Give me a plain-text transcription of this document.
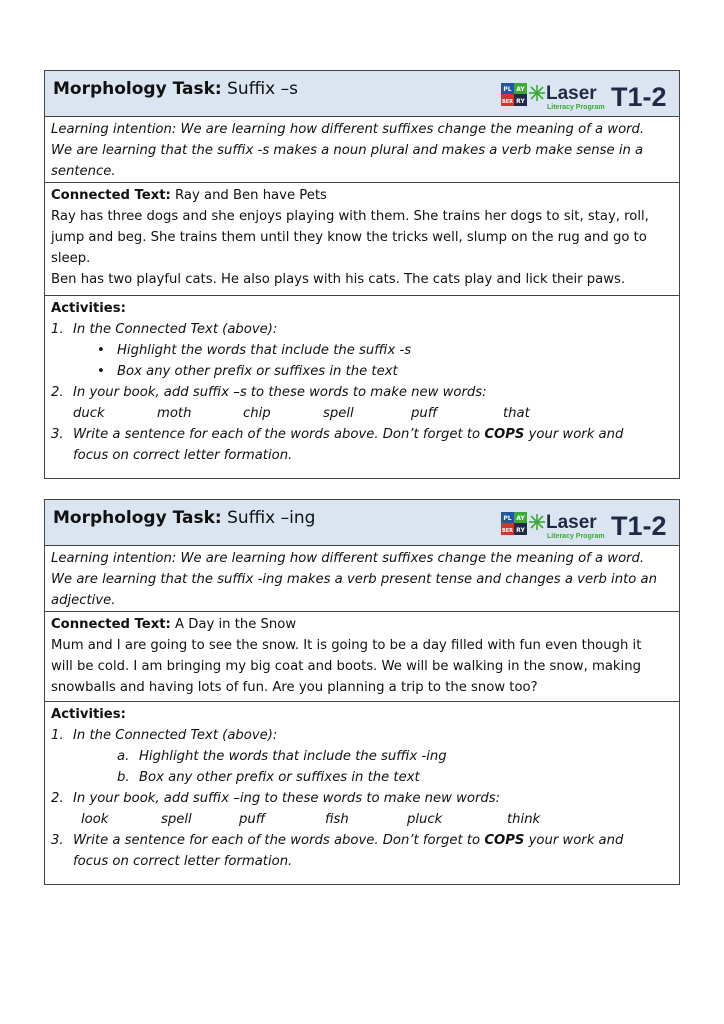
Morphology Task: Suffix –s	PL AY
BER RY Laser
Literacy Program T1-2
Learning intention: We are learning how different suffixes change the meaning of a word.
We are learning that the suffix -s makes a noun plural and makes a verb make sense in a
sentence.
Connected Text: Ray and Ben have Pets
Ray has three dogs and she enjoys playing with them. She trains her dogs to sit, stay, roll,
jump and beg. She trains them until they know the tricks well, slump on the rug and go to
sleep.
Ben has two playful cats. He also plays with his cats. The cats play and lick their paws.
Activities:
1. In the Connected Text (above):
• Highlight the words that include the suffix -s
• Box any other prefix or suffixes in the text
2. In your book, add suffix –s to these words to make new words:
duck	moth	chip	spell	puff	that
3. Write a sentence for each of the words above. Don’t forget to COPS your work and
focus on correct letter formation.
Morphology Task: Suffix –ing	PL AY
BER RY Laser
Literacy Program T1-2
Learning intention: We are learning how different suffixes change the meaning of a word.
We are learning that the suffix -ing makes a verb present tense and changes a verb into an
adjective.
Connected Text: A Day in the Snow
Mum and I are going to see the snow. It is going to be a day filled with fun even though it
will be cold. I am bringing my big coat and boots. We will be walking in the snow, making
snowballs and having lots of fun. Are you planning a trip to the snow too?
Activities:
1. In the Connected Text (above):
a. Highlight the words that include the suffix -ing
b. Box any other prefix or suffixes in the text
2. In your book, add suffix –ing to these words to make new words:
look	spell	puff	fish	pluck	think
3. Write a sentence for each of the words above. Don’t forget to COPS your work and
focus on correct letter formation.
